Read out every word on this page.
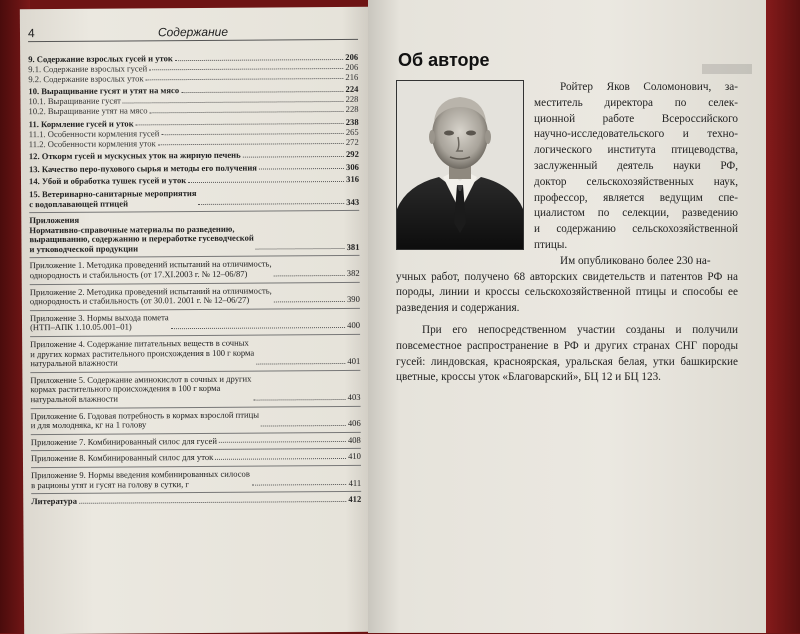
4	Содержание
9. Содержание взрослых гусей и уток	206
9.1. Содержание взрослых гусей	206
9.2. Содержание взрослых уток	216
10. Выращивание гусят и утят на мясо	224
10.1. Выращивание гусят	228
10.2. Выращивание утят на мясо	228
11. Кормление гусей и уток	238
11.1. Особенности кормления гусей	265
11.2. Особенности кормления уток	272
12. Откорм гусей и мускусных уток на жирную печень	292
13. Качество перо-пухового сырья и методы его получения	306
14. Убой и обработка тушек гусей и уток	316
15. Ветеринарно-санитарные мероприятия
с водоплавающей птицей	343
Приложения
Нормативно-справочные материалы по разведению,
выращиванию, содержанию и переработке гусеводческой
и утководческой продукции	381
Приложение 1. Методика проведений испытаний на отличимость,
однородность и стабильность (от 17.XI.2003 г. № 12–06/87)	382
Приложение 2. Методика проведений испытаний на отличимость,
однородность и стабильность (от 30.01. 2001 г. № 12–06/27)	390
Приложение 3. Нормы выхода помета
(НТП–АПК 1.10.05.001–01)	400
Приложение 4. Содержание питательных веществ в сочных
и других кормах растительного происхождения в 100 г корма
натуральной влажности	401
Приложение 5. Содержание аминокислот в сочных и других
кормах растительного происхождения в 100 г корма
натуральной влажности	403
Приложение 6. Годовая потребность в кормах взрослой птицы
и для молодняка, кг на 1 голову	406
Приложение 7. Комбинированный силос для гусей	408
Приложение 8. Комбинированный силос для уток	410
Приложение 9. Нормы введения комбинированных силосов
в рационы утят и гусят на голову в сутки, г	411
Литература	412
Об авторе
Ройтер Яков Соломонович, за-
меститель директора по селек-
ционной работе Всероссийского
научно-исследовательского и техно-
логического института птицеводства,
заслуженный деятель науки РФ,
доктор сельскохозяйственных наук,
профессор, является ведущим спе-
циалистом по селекции, разведению
и содержанию сельскохозяйственной
птицы.

Им опубликовано более 230 на-

учных работ, получено 68 авторских свидетельств и патентов РФ на породы, линии и кроссы сельскохозяйственной птицы и способы ее разведения и содержания.

При его непосредственном участии созданы и получили повсеместное распространение в РФ и других странах СНГ породы гусей: линдовская, красноярская, уральская белая, утки башкирские цветные, кроссы уток «Благоварский», БЦ 12 и БЦ 123.
